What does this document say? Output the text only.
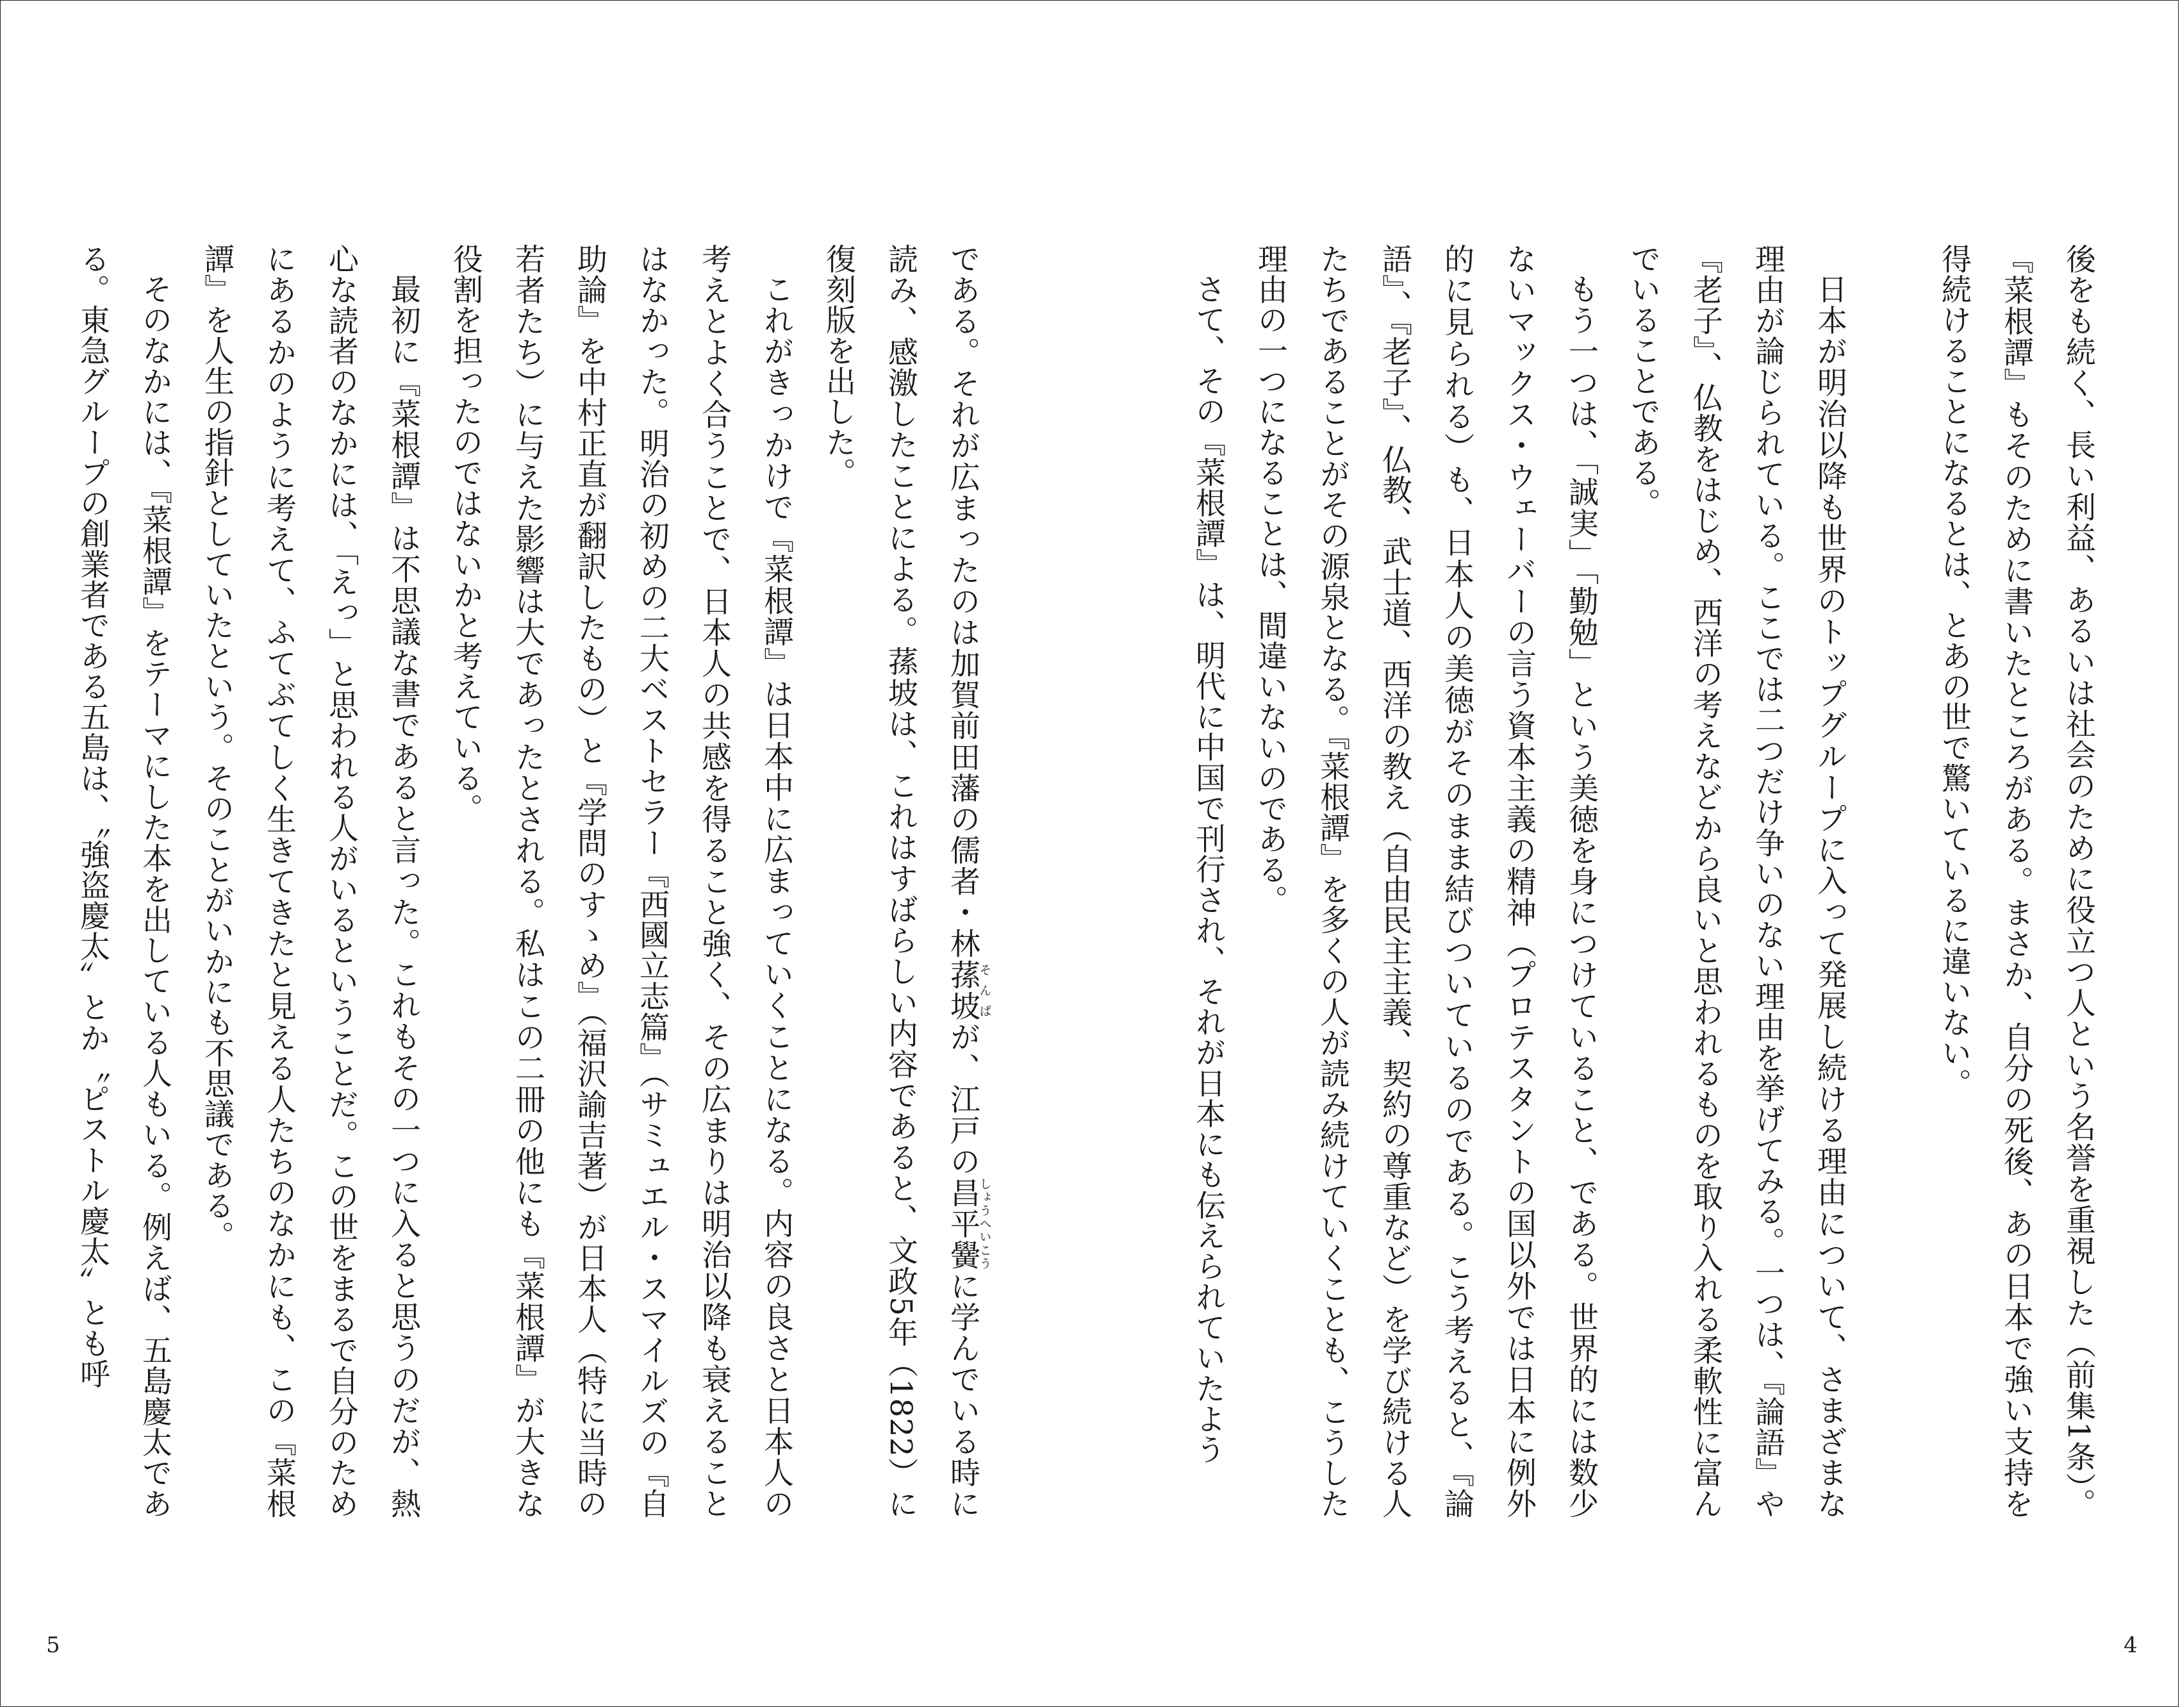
後をも続く、長い利益、あるいは社会のために役立つ人という名誉を重視した（前集1条）。『菜根譚』もそのために書いたところがある。まさか、自分の死後、あの日本で強い支持を得続けることになるとは、とあの世で驚いているに違いない。

日本が明治以降も世界のトップグループに入って発展し続ける理由について、さまざまな理由が論じられている。ここでは二つだけ争いのない理由を挙げてみる。一つは、『論語』や『老子』、仏教をはじめ、西洋の考えなどから良いと思われるものを取り入れる柔軟性に富んでいることである。

もう一つは、「誠実」「勤勉」という美徳を身につけていること、である。世界的には数少ないマックス・ウェーバーの言う資本主義の精神（プロテスタントの国以外では日本に例外的に見られる）も、日本人の美徳がそのまま結びついているのである。こう考えると、『論語』、『老子』、仏教、武士道、西洋の教え（自由民主主義、契約の尊重など）を学び続ける人たちであることがその源泉となる。『菜根譚』を多くの人が読み続けていくことも、こうした理由の一つになることは、間違いないのである。

さて、その『菜根譚』は、明代に中国で刊行され、それが日本にも伝えられていたよう

4

である。それが広まったのは加賀前田藩の儒者・林蓀坡そんぱが、江戸の昌平黌しょうへいこうに学んでいる時に読み、感激したことによる。蓀坡は、これはすばらしい内容であると、文政5年（1822）に復刻版を出した。

これがきっかけで『菜根譚』は日本中に広まっていくことになる。内容の良さと日本人の考えとよく合うことで、日本人の共感を得ること強く、その広まりは明治以降も衰えることはなかった。明治の初めの二大ベストセラー『西國立志篇』（サミュエル・スマイルズの『自助論』を中村正直が翻訳したもの）と『学問のすゝめ』（福沢諭吉著）が日本人（特に当時の若者たち）に与えた影響は大であったとされる。私はこの二冊の他にも『菜根譚』が大きな役割を担ったのではないかと考えている。

最初に『菜根譚』は不思議な書であると言った。これもその一つに入ると思うのだが、熱心な読者のなかには、「えっ」と思われる人がいるということだ。この世をまるで自分のためにあるかのように考えて、ふてぶてしく生きてきたと見える人たちのなかにも、この『菜根譚』を人生の指針としていたという。そのことがいかにも不思議である。

そのなかには、『菜根譚』をテーマにした本を出している人もいる。例えば、五島慶太である。東急グループの創業者である五島は、〝強盗慶太〟とか〝ピストル慶太〟とも呼

5
